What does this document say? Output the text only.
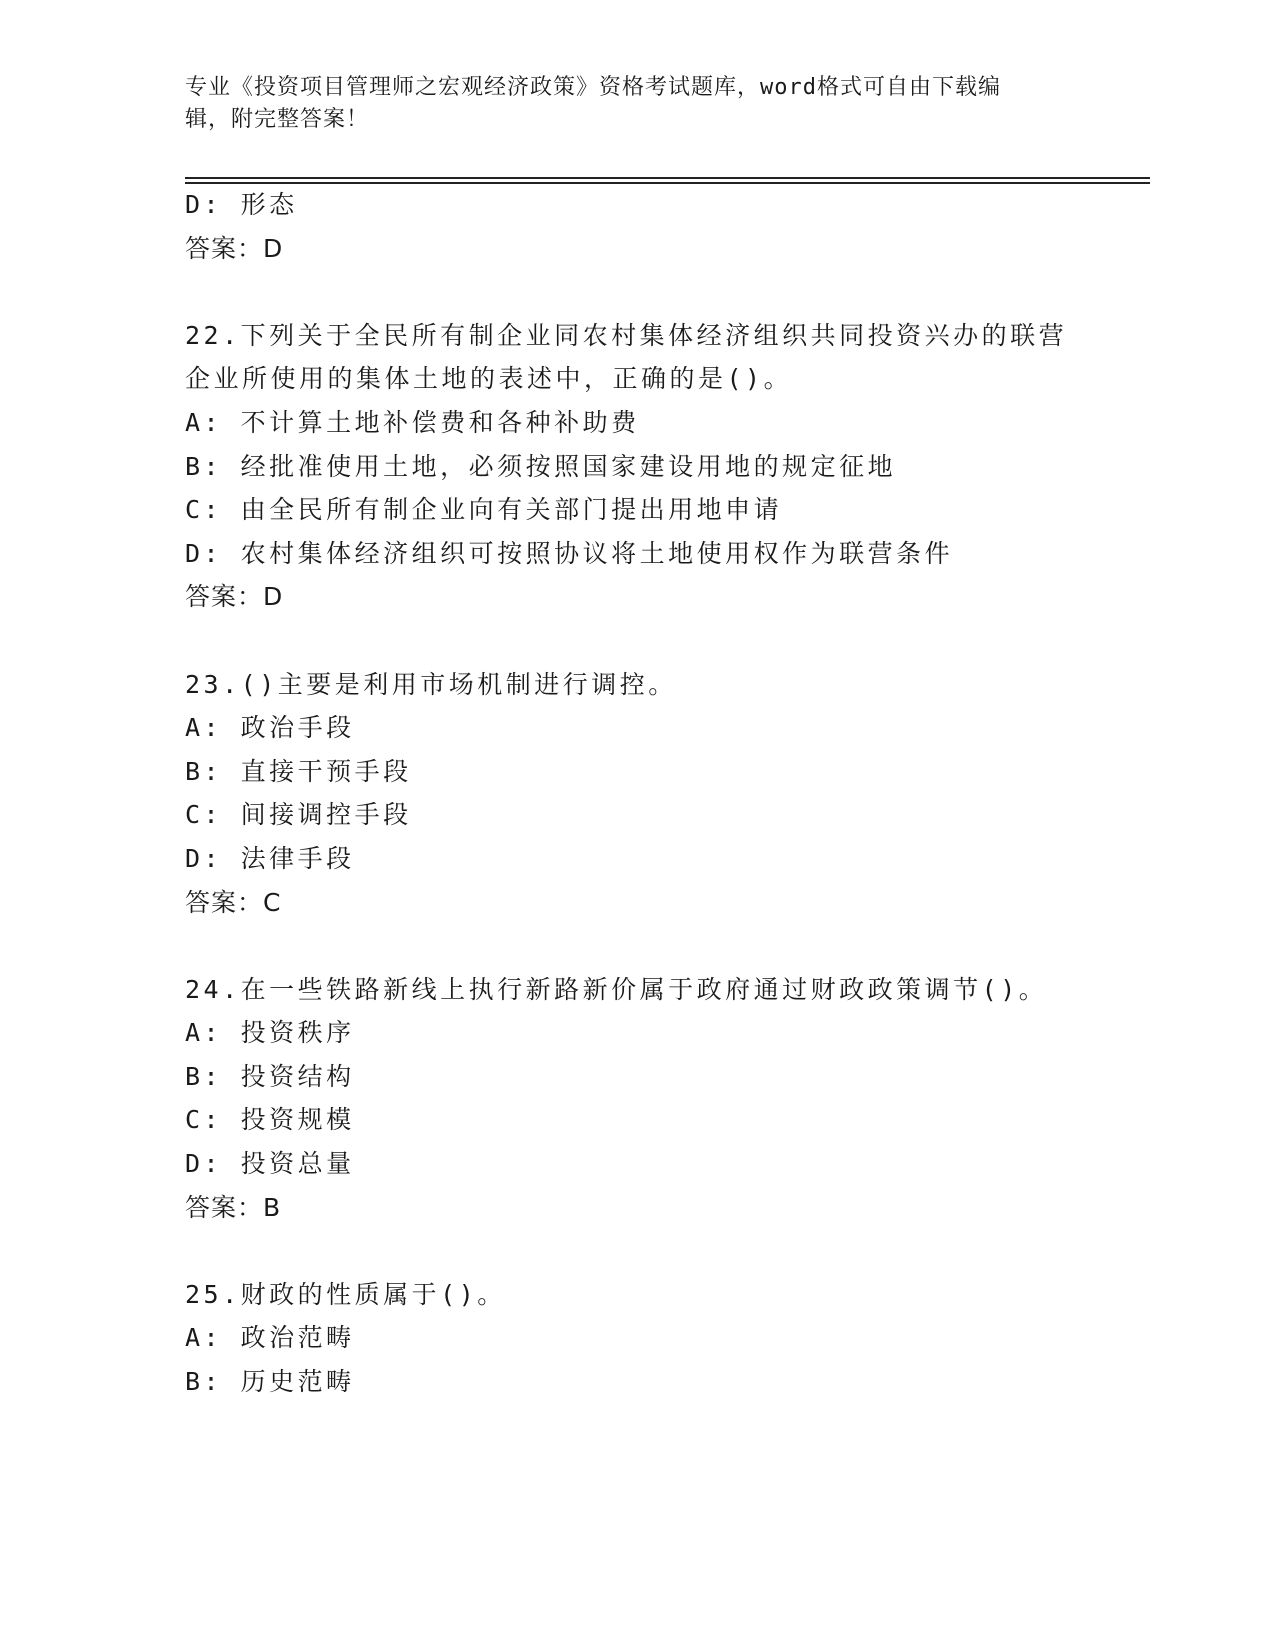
专业《投资项目管理师之宏观经济政策》资格考试题库，word格式可自由下载编
辑，附完整答案！
D: 形态
答案：D
22.下列关于全民所有制企业同农村集体经济组织共同投资兴办的联营
企业所使用的集体土地的表述中，正确的是()。
A: 不计算土地补偿费和各种补助费
B: 经批准使用土地，必须按照国家建设用地的规定征地
C: 由全民所有制企业向有关部门提出用地申请
D: 农村集体经济组织可按照协议将土地使用权作为联营条件
答案：D
23.()主要是利用市场机制进行调控。
A: 政治手段
B: 直接干预手段
C: 间接调控手段
D: 法律手段
答案：C
24.在一些铁路新线上执行新路新价属于政府通过财政政策调节()。
A: 投资秩序
B: 投资结构
C: 投资规模
D: 投资总量
答案：B
25.财政的性质属于()。
A: 政治范畴
B: 历史范畴
